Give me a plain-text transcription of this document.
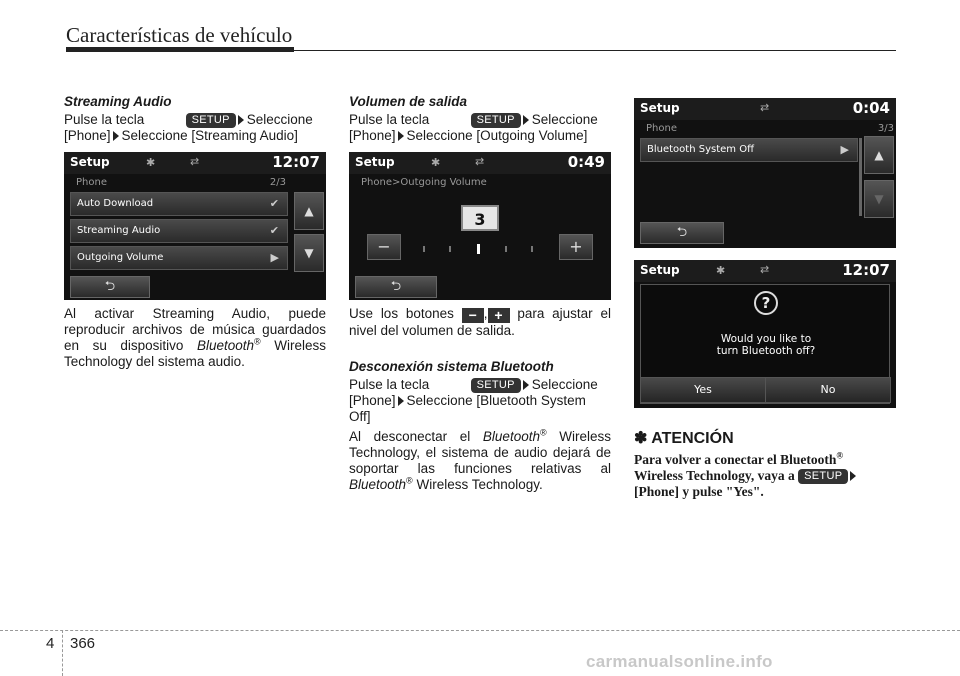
Características de vehículo
Streaming Audio

Pulse la tecla	SETUP Seleccione
[Phone] Seleccione [Streaming Audio]

Setup	✱	⇄	12:07
Phone	2/3
Auto Download	✔
Streaming Audio	✔
Outgoing Volume	▶
▲
▼
⮌

Al activar Streaming Audio, puede reproducir archivos de música guardados en su dispositivo Bluetooth® Wireless Technology del sistema audio.

Volumen de salida

Pulse la tecla	SETUP Seleccione
[Phone] Seleccione [Outgoing Volume]

Setup	✱	⇄	0:49
Phone>Outgoing Volume
3
−	+
⮌

Use los botones − , + para ajustar el nivel del volumen de salida.

Desconexión sistema Bluetooth

Pulse la tecla	SETUP Seleccione
[Phone] Seleccione [Bluetooth System Off]

Al desconectar el Bluetooth® Wireless Technology, el sistema de audio dejará de soportar las funciones relativas al Bluetooth® Wireless Technology.

Setup	⇄	0:04
Phone	3/3
Bluetooth System Off	▶	▲
▼
⮌
Setup	✱	⇄	12:07
?
Would you like to
turn Bluetooth off?
Yes	No
✽ ATENCIÓN
Para volver a conectar el Bluetooth®
Wireless Technology, vaya a SETUP
[Phone] y pulse "Yes".
4 366
carmanualsonline.info
